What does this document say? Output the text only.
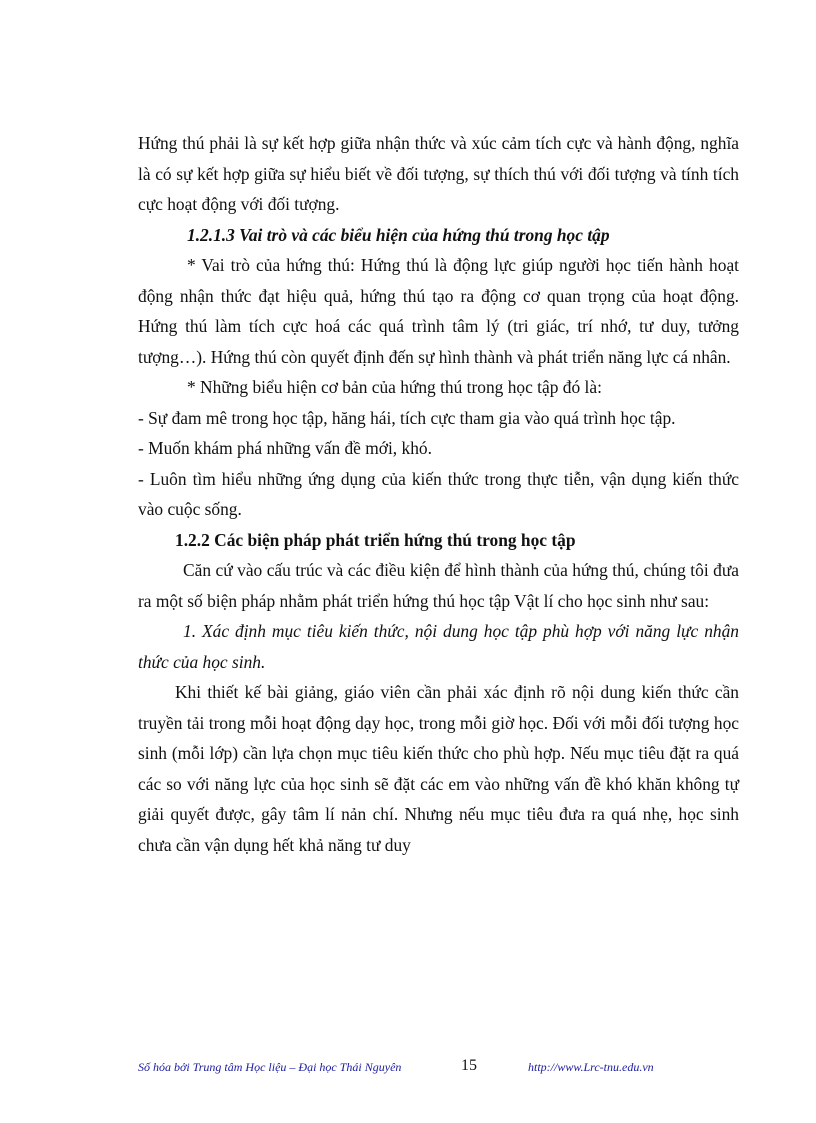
Hứng thú phải là sự kết hợp giữa nhận thức và xúc cảm tích cực và hành động, nghĩa là có sự kết hợp giữa sự hiểu biết về đối tượng, sự thích thú với đối tượng và tính tích cực hoạt động với đối tượng.

1.2.1.3 Vai trò và các biểu hiện của hứng thú trong học tập

* Vai trò của hứng thú: Hứng thú là động lực giúp người học tiến hành hoạt động nhận thức đạt hiệu quả, hứng thú tạo ra động cơ quan trọng của hoạt động. Hứng thú làm tích cực hoá các quá trình tâm lý (tri giác, trí nhớ, tư duy, tưởng tượng…). Hứng thú còn quyết định đến sự hình thành và phát triển năng lực cá nhân.

* Những biểu hiện cơ bản của hứng thú trong học tập đó là:

- Sự đam mê trong học tập, hăng hái, tích cực tham gia vào quá trình học tập.

- Muốn khám phá những vấn đề mới, khó.

- Luôn tìm hiểu những ứng dụng của kiến thức trong thực tiễn, vận dụng kiến thức vào cuộc sống.

1.2.2 Các biện pháp phát triển hứng thú trong học tập

Căn cứ vào cấu trúc và các điều kiện để hình thành của hứng thú, chúng tôi đưa ra một số biện pháp nhằm phát triển hứng thú học tập Vật lí cho học sinh như sau:

1. Xác định mục tiêu kiến thức, nội dung học tập phù hợp với năng lực nhận thức của học sinh.

Khi thiết kế bài giảng, giáo viên cần phải xác định rõ nội dung kiến thức cần truyền tải trong mỗi hoạt động dạy học, trong mỗi giờ học. Đối với mỗi đối tượng học sinh (mỗi lớp) cần lựa chọn mục tiêu kiến thức cho phù hợp. Nếu mục tiêu đặt ra quá các so với năng lực của học sinh sẽ đặt các em vào những vấn đề khó khăn không tự giải quyết được, gây tâm lí nản chí. Nhưng nếu mục tiêu đưa ra quá nhẹ, học sinh chưa cần vận dụng hết khả năng tư duy

Số hóa bởi Trung tâm Học liệu – Đại học Thái Nguyên	15	http://www.Lrc-tnu.edu.vn
